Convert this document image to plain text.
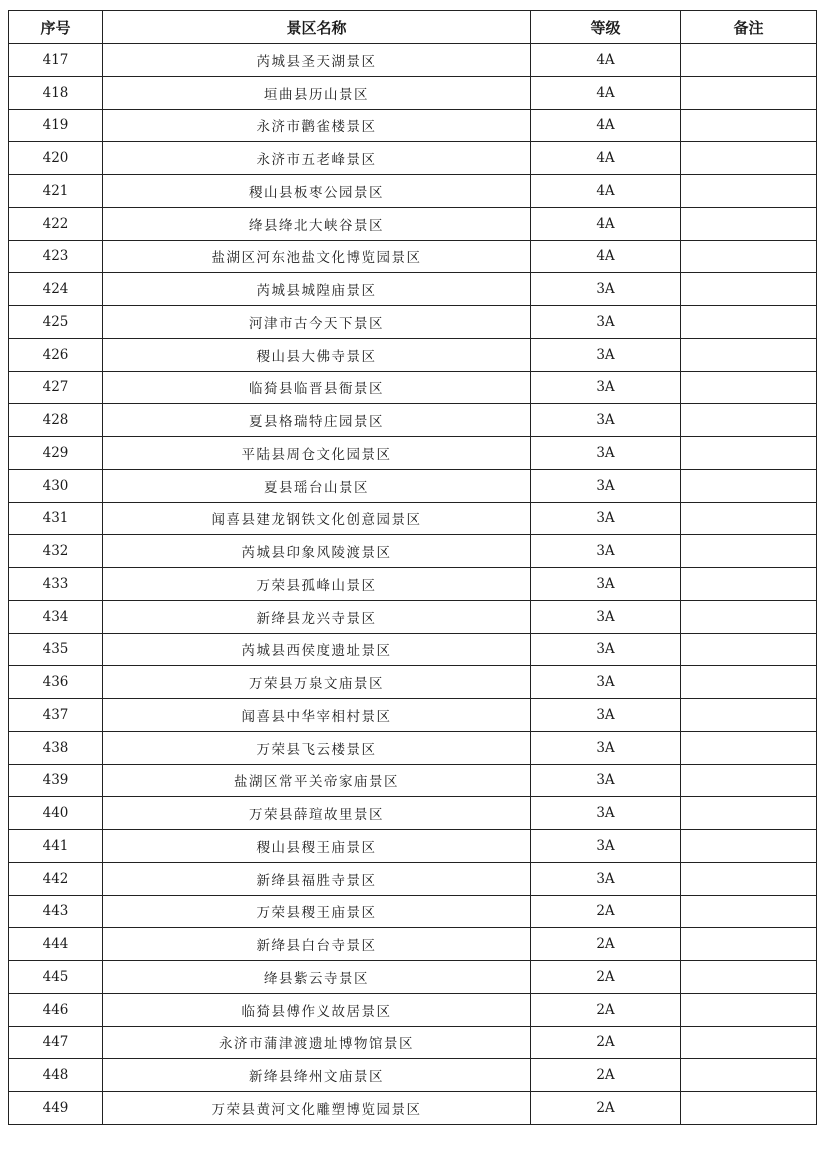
序号	景区名称	等级	备注
417	芮城县圣天湖景区	4A	
418	垣曲县历山景区	4A	
419	永济市鹳雀楼景区	4A	
420	永济市五老峰景区	4A	
421	稷山县板枣公园景区	4A	
422	绛县绛北大峡谷景区	4A	
423	盐湖区河东池盐文化博览园景区	4A	
424	芮城县城隍庙景区	3A	
425	河津市古今天下景区	3A	
426	稷山县大佛寺景区	3A	
427	临猗县临晋县衙景区	3A	
428	夏县格瑞特庄园景区	3A	
429	平陆县周仓文化园景区	3A	
430	夏县瑶台山景区	3A	
431	闻喜县建龙钢铁文化创意园景区	3A	
432	芮城县印象风陵渡景区	3A	
433	万荣县孤峰山景区	3A	
434	新绛县龙兴寺景区	3A	
435	芮城县西侯度遗址景区	3A	
436	万荣县万泉文庙景区	3A	
437	闻喜县中华宰相村景区	3A	
438	万荣县飞云楼景区	3A	
439	盐湖区常平关帝家庙景区	3A	
440	万荣县薛瑄故里景区	3A	
441	稷山县稷王庙景区	3A	
442	新绛县福胜寺景区	3A	
443	万荣县稷王庙景区	2A	
444	新绛县白台寺景区	2A	
445	绛县紫云寺景区	2A	
446	临猗县傅作义故居景区	2A	
447	永济市蒲津渡遗址博物馆景区	2A	
448	新绛县绛州文庙景区	2A	
449	万荣县黄河文化雕塑博览园景区	2A	
